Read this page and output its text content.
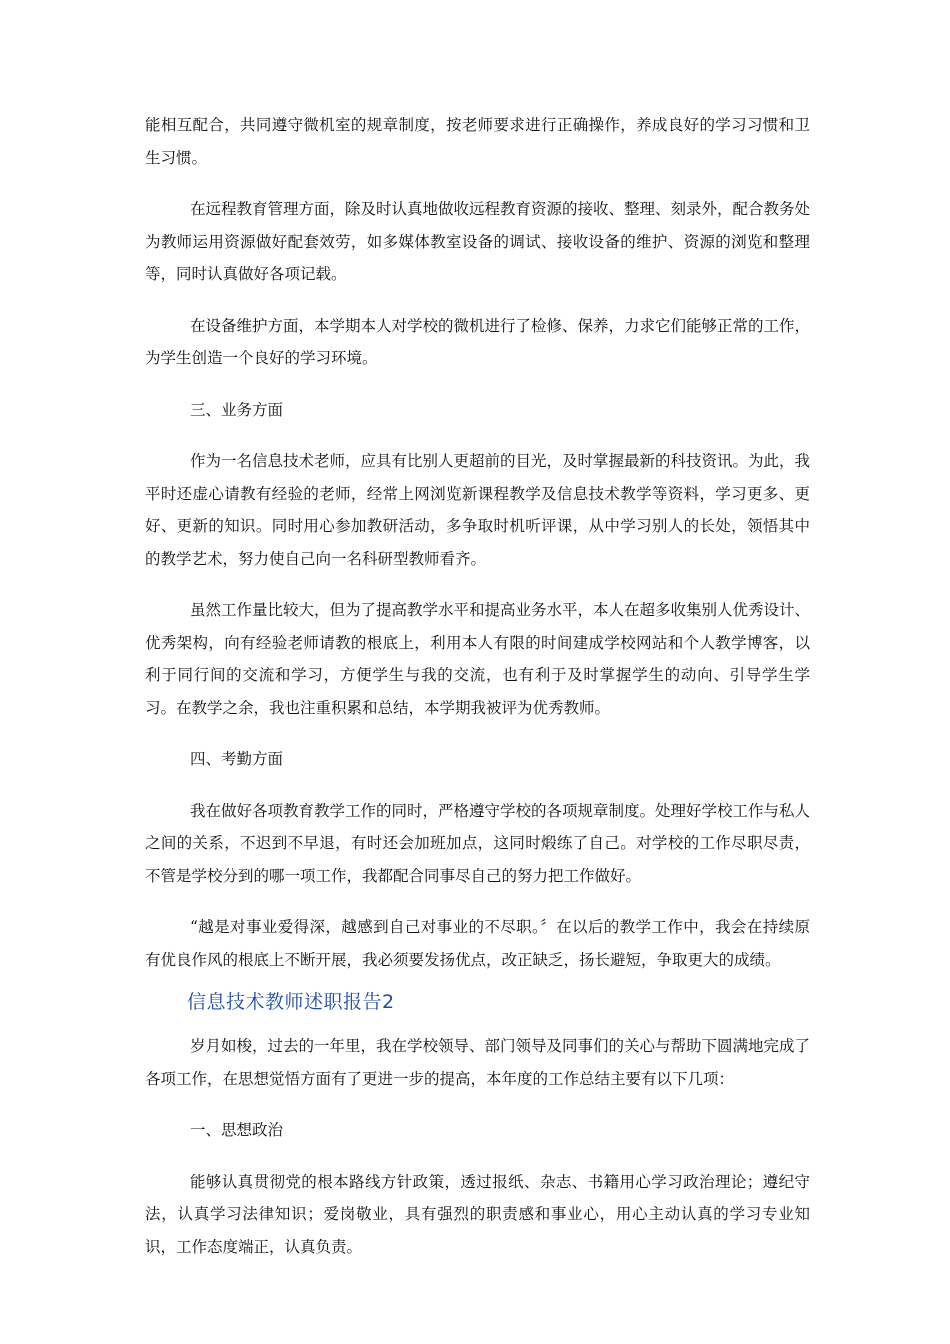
能相互配合，共同遵守微机室的规章制度，按老师要求进行正确操作，养成良好的学习习惯和卫生习惯。

在远程教育管理方面，除及时认真地做收远程教育资源的接收、整理、刻录外，配合教务处为教师运用资源做好配套效劳，如多媒体教室设备的调试、接收设备的维护、资源的浏览和整理等，同时认真做好各项记载。

在设备维护方面，本学期本人对学校的微机进行了检修、保养，力求它们能够正常的工作，为学生创造一个良好的学习环境。

三、业务方面

作为一名信息技术老师，应具有比别人更超前的目光，及时掌握最新的科技资讯。为此，我平时还虚心请教有经验的老师，经常上网浏览新课程教学及信息技术教学等资料，学习更多、更好、更新的知识。同时用心参加教研活动，多争取时机听评课，从中学习别人的长处，领悟其中的教学艺术，努力使自己向一名科研型教师看齐。

虽然工作量比较大，但为了提高教学水平和提高业务水平，本人在超多收集别人优秀设计、优秀架构，向有经验老师请教的根底上，利用本人有限的时间建成学校网站和个人教学博客，以利于同行间的交流和学习，方便学生与我的交流，也有利于及时掌握学生的动向、引导学生学习。在教学之余，我也注重积累和总结，本学期我被评为优秀教师。

四、考勤方面

我在做好各项教育教学工作的同时，严格遵守学校的各项规章制度。处理好学校工作与私人之间的关系，不迟到不早退，有时还会加班加点，这同时煅练了自己。对学校的工作尽职尽责，不管是学校分到的哪一项工作，我都配合同事尽自己的努力把工作做好。

“越是对事业爱得深，越感到自己对事业的不尽职。〞在以后的教学工作中，我会在持续原有优良作风的根底上不断开展，我必须要发扬优点，改正缺乏，扬长避短，争取更大的成绩。

信息技术教师述职报告2

岁月如梭，过去的一年里，我在学校领导、部门领导及同事们的关心与帮助下圆满地完成了各项工作，在思想觉悟方面有了更进一步的提高，本年度的工作总结主要有以下几项：

一、思想政治

能够认真贯彻党的根本路线方针政策，透过报纸、杂志、书籍用心学习政治理论；遵纪守法，认真学习法律知识；爱岗敬业，具有强烈的职责感和事业心，用心主动认真的学习专业知识，工作态度端正，认真负责。
